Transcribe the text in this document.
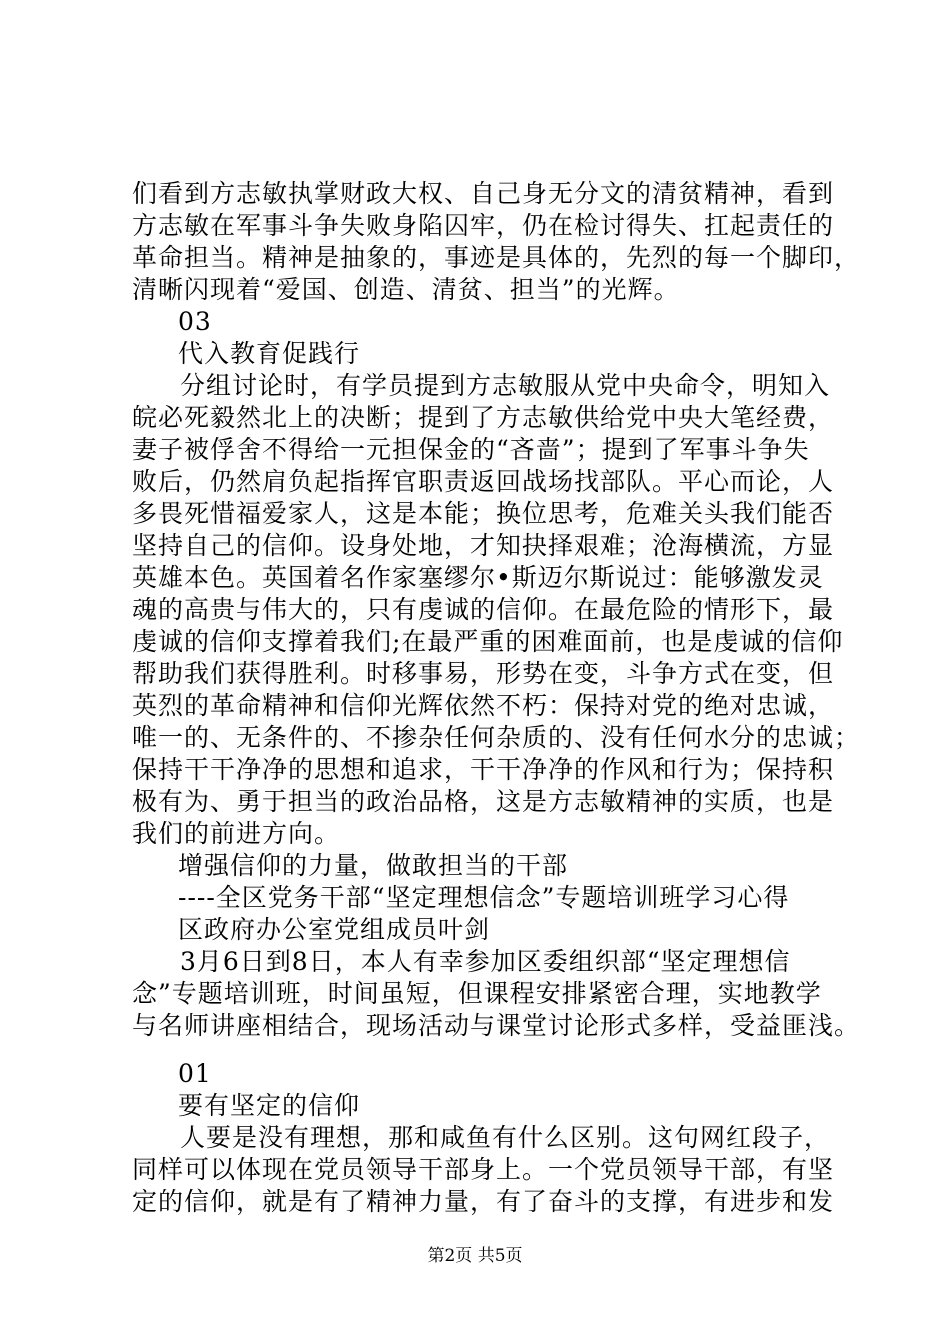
们看到方志敏执掌财政大权、自己身无分文的清贫精神，看到
方志敏在军事斗争失败身陷囚牢，仍在检讨得失、扛起责任的
革命担当。精神是抽象的，事迹是具体的，先烈的每一个脚印，
清晰闪现着“爱国、创造、清贫、担当”的光辉。
03
代入教育促践行
分组讨论时，有学员提到方志敏服从党中央命令，明知入
皖必死毅然北上的决断；提到了方志敏供给党中央大笔经费，
妻子被俘舍不得给一元担保金的“吝啬”；提到了军事斗争失
败后，仍然肩负起指挥官职责返回战场找部队。平心而论，人
多畏死惜福爱家人，这是本能；换位思考，危难关头我们能否
坚持自己的信仰。设身处地，才知抉择艰难；沧海横流，方显
英雄本色。英国着名作家塞缪尔•斯迈尔斯说过：能够激发灵
魂的高贵与伟大的，只有虔诚的信仰。在最危险的情形下，最
虔诚的信仰支撑着我们;在最严重的困难面前，也是虔诚的信仰
帮助我们获得胜利。时移事易，形势在变，斗争方式在变，但
英烈的革命精神和信仰光辉依然不朽：保持对党的绝对忠诚，
唯一的、无条件的、不掺杂任何杂质的、没有任何水分的忠诚；
保持干干净净的思想和追求，干干净净的作风和行为；保持积
极有为、勇于担当的政治品格，这是方志敏精神的实质，也是
我们的前进方向。
增强信仰的力量，做敢担当的干部
----全区党务干部“坚定理想信念”专题培训班学习心得
区政府办公室党组成员叶剑
3月6日到8日，本人有幸参加区委组织部“坚定理想信
念”专题培训班，时间虽短，但课程安排紧密合理，实地教学
与名师讲座相结合，现场活动与课堂讨论形式多样，受益匪浅。
01
要有坚定的信仰
人要是没有理想，那和咸鱼有什么区别。这句网红段子，
同样可以体现在党员领导干部身上。一个党员领导干部，有坚
定的信仰，就是有了精神力量，有了奋斗的支撑，有进步和发
第2页 共5页
